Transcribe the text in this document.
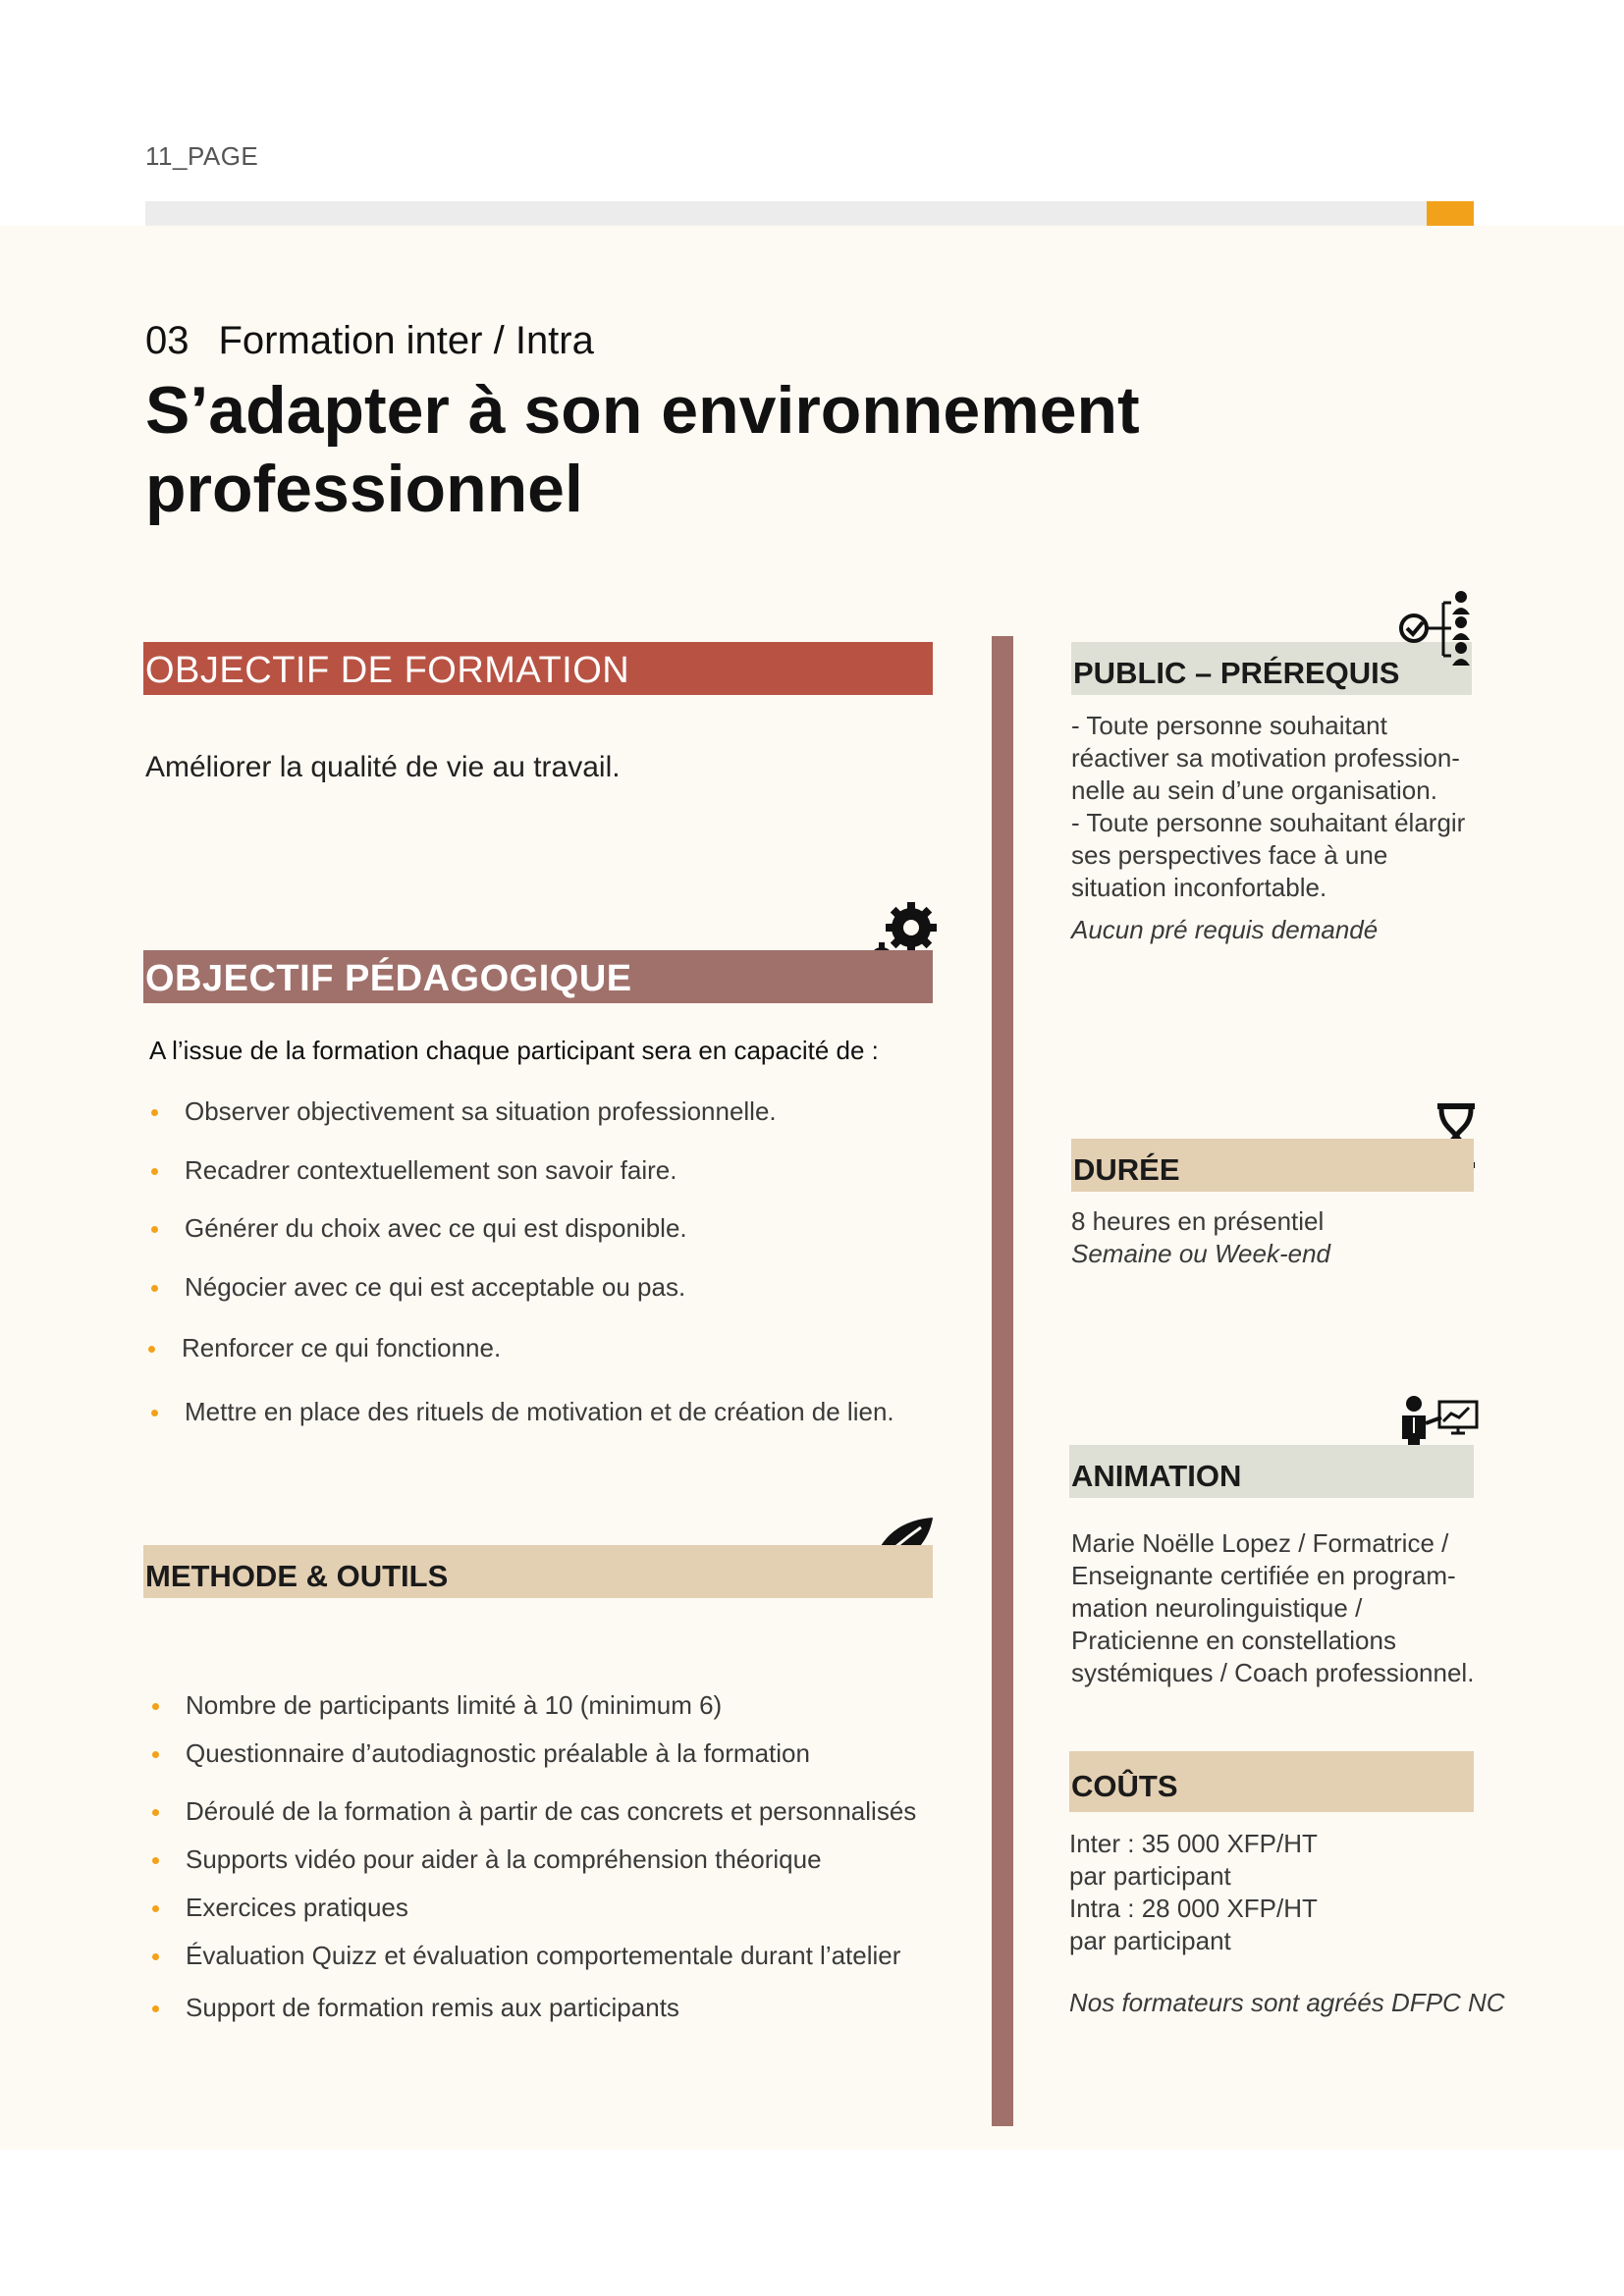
11_PAGE
03 Formation inter / Intra
S’adapter à son environnement
professionnel
OBJECTIF DE FORMATION
Améliorer la qualité de vie au travail.
OBJECTIF PÉDAGOGIQUE
A l’issue de la formation chaque participant sera en capacité de :
Observer objectivement sa situation professionnelle.
Recadrer contextuellement son savoir faire.
Générer du choix avec ce qui est disponible.
Négocier avec ce qui est acceptable ou pas.
Renforcer ce qui fonctionne.
Mettre en place des rituels de motivation et de création de lien.
METHODE & OUTILS
Nombre de participants limité à 10 (minimum 6)
Questionnaire d’autodiagnostic préalable à la formation
Déroulé de la formation à partir de cas concrets et personnalisés
Supports vidéo pour aider à la compréhension théorique
Exercices pratiques
Évaluation Quizz et évaluation comportementale durant l’atelier
Support de formation remis aux participants
PUBLIC – PRÉREQUIS
- Toute personne souhaitant
réactiver sa motivation profession-
nelle au sein d’une organisation.
- Toute personne souhaitant élargir
ses perspectives face à une
situation inconfortable.
Aucun pré requis demandé
DURÉE
8 heures en présentiel
Semaine ou Week-end
ANIMATION
Marie Noëlle Lopez / Formatrice /
Enseignante certifiée en program-
mation neurolinguistique /
Praticienne en constellations
systémiques / Coach professionnel.
COÛTS
Inter : 35 000 XFP/HT
par participant
Intra : 28 000 XFP/HT
par participant
Nos formateurs sont agréés DFPC NC
